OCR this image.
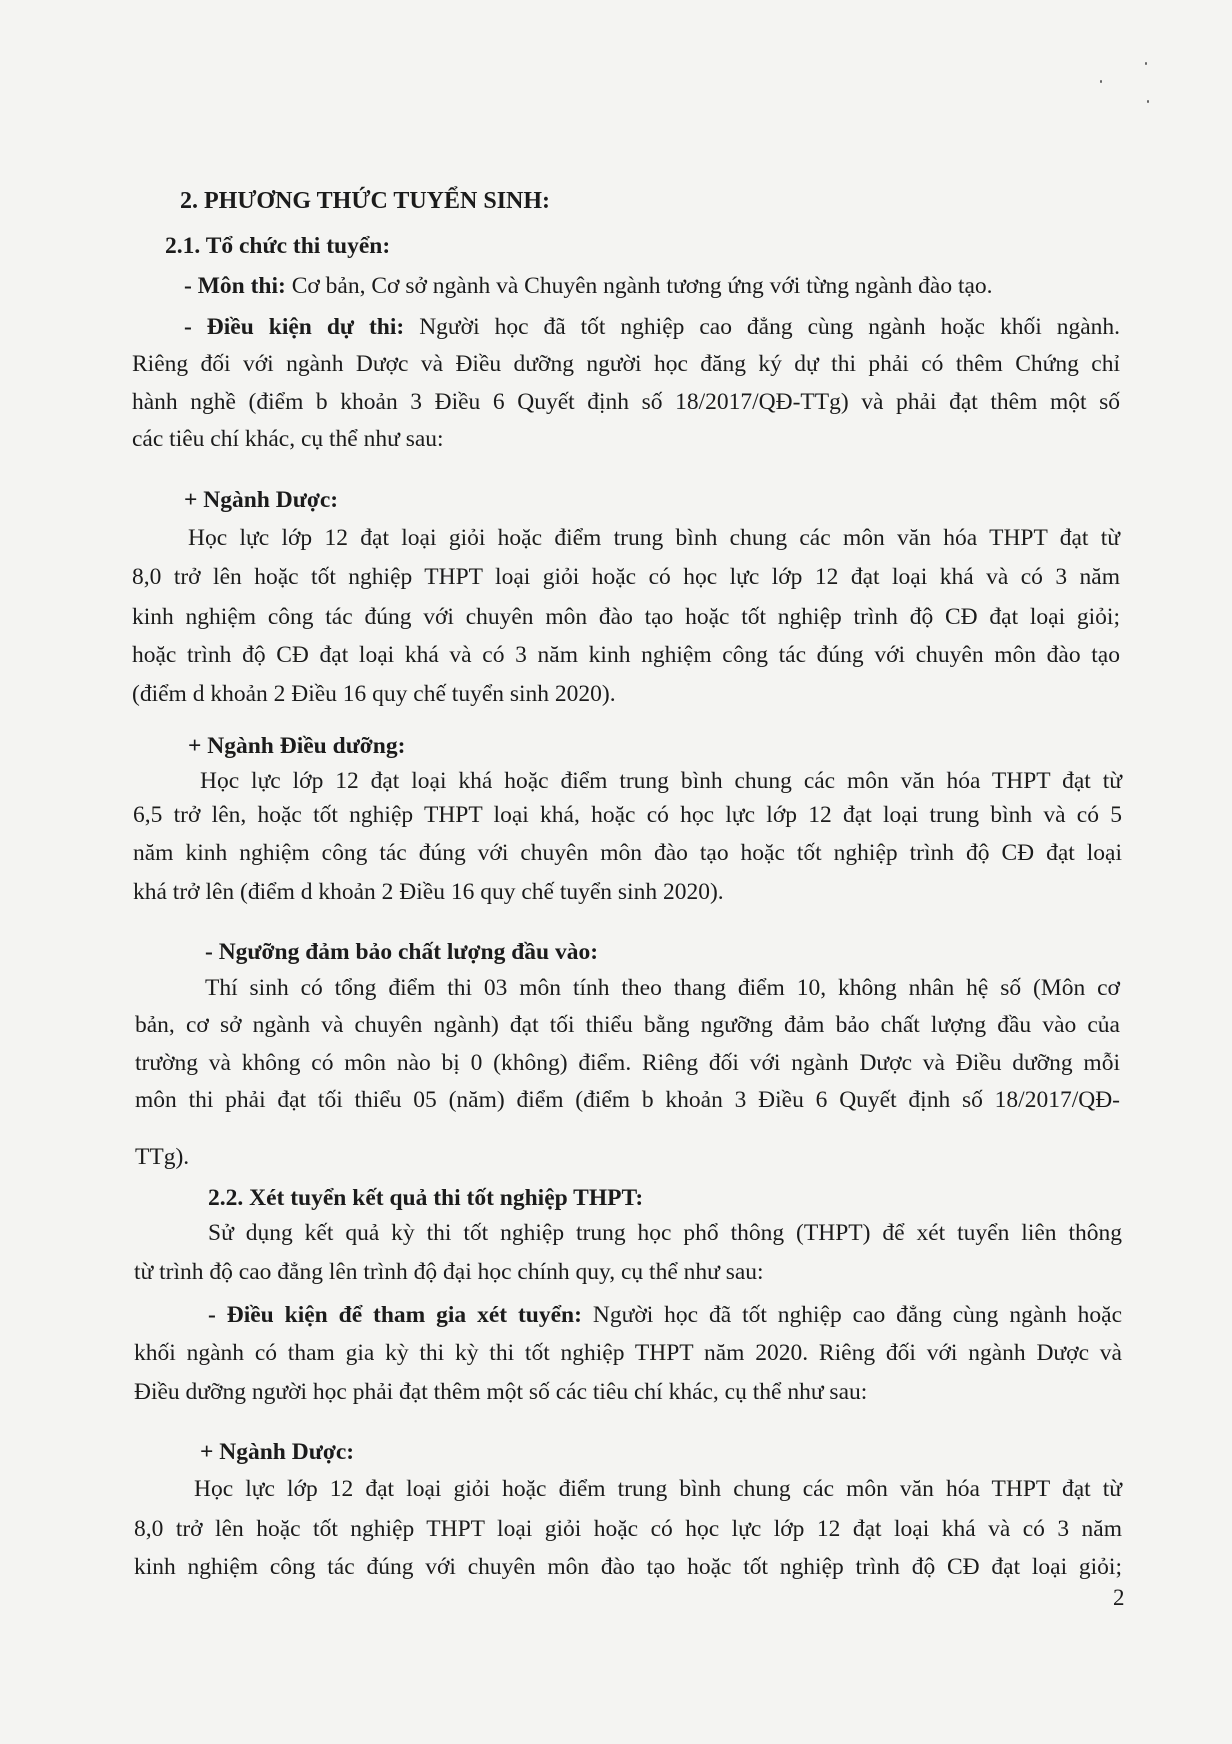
2. PHƯƠNG THỨC TUYỂN SINH:
2.1. Tổ chức thi tuyển:
- Môn thi: Cơ bản, Cơ sở ngành và Chuyên ngành tương ứng với từng ngành đào tạo.
- Điều kiện dự thi: Người học đã tốt nghiệp cao đẳng cùng ngành hoặc khối ngành.
Riêng đối với ngành Dược và Điều dưỡng người học đăng ký dự thi phải có thêm Chứng chỉ
hành nghề (điểm b khoản 3 Điều 6 Quyết định số 18/2017/QĐ-TTg) và phải đạt thêm một số
các tiêu chí khác, cụ thể như sau:
+ Ngành Dược:
Học lực lớp 12 đạt loại giỏi hoặc điểm trung bình chung các môn văn hóa THPT đạt từ
8,0 trở lên hoặc tốt nghiệp THPT loại giỏi hoặc có học lực lớp 12 đạt loại khá và có 3 năm
kinh nghiệm công tác đúng với chuyên môn đào tạo hoặc tốt nghiệp trình độ CĐ đạt loại giỏi;
hoặc trình độ CĐ đạt loại khá và có 3 năm kinh nghiệm công tác đúng với chuyên môn đào tạo
(điểm d khoản 2 Điều 16 quy chế tuyển sinh 2020).
+ Ngành Điều dưỡng:
Học lực lớp 12 đạt loại khá hoặc điểm trung bình chung các môn văn hóa THPT đạt từ
6,5 trở lên, hoặc tốt nghiệp THPT loại khá, hoặc có học lực lớp 12 đạt loại trung bình và có 5
năm kinh nghiệm công tác đúng với chuyên môn đào tạo hoặc tốt nghiệp trình độ CĐ đạt loại
khá trở lên (điểm d khoản 2 Điều 16 quy chế tuyển sinh 2020).
- Ngưỡng đảm bảo chất lượng đầu vào:
Thí sinh có tổng điểm thi 03 môn tính theo thang điểm 10, không nhân hệ số (Môn cơ
bản, cơ sở ngành và chuyên ngành) đạt tối thiểu bằng ngưỡng đảm bảo chất lượng đầu vào của
trường và không có môn nào bị 0 (không) điểm. Riêng đối với ngành Dược và Điều dưỡng mỗi
môn thi phải đạt tối thiểu 05 (năm) điểm (điểm b khoản 3 Điều 6 Quyết định số 18/2017/QĐ-
TTg).
2.2. Xét tuyển kết quả thi tốt nghiệp THPT:
Sử dụng kết quả kỳ thi tốt nghiệp trung học phổ thông (THPT) để xét tuyển liên thông
từ trình độ cao đẳng lên trình độ đại học chính quy, cụ thể như sau:
- Điều kiện để tham gia xét tuyển: Người học đã tốt nghiệp cao đẳng cùng ngành hoặc
khối ngành có tham gia kỳ thi kỳ thi tốt nghiệp THPT năm 2020. Riêng đối với ngành Dược và
Điều dưỡng người học phải đạt thêm một số các tiêu chí khác, cụ thể như sau:
+ Ngành Dược:
Học lực lớp 12 đạt loại giỏi hoặc điểm trung bình chung các môn văn hóa THPT đạt từ
8,0 trở lên hoặc tốt nghiệp THPT loại giỏi hoặc có học lực lớp 12 đạt loại khá và có 3 năm
kinh nghiệm công tác đúng với chuyên môn đào tạo hoặc tốt nghiệp trình độ CĐ đạt loại giỏi;
2
